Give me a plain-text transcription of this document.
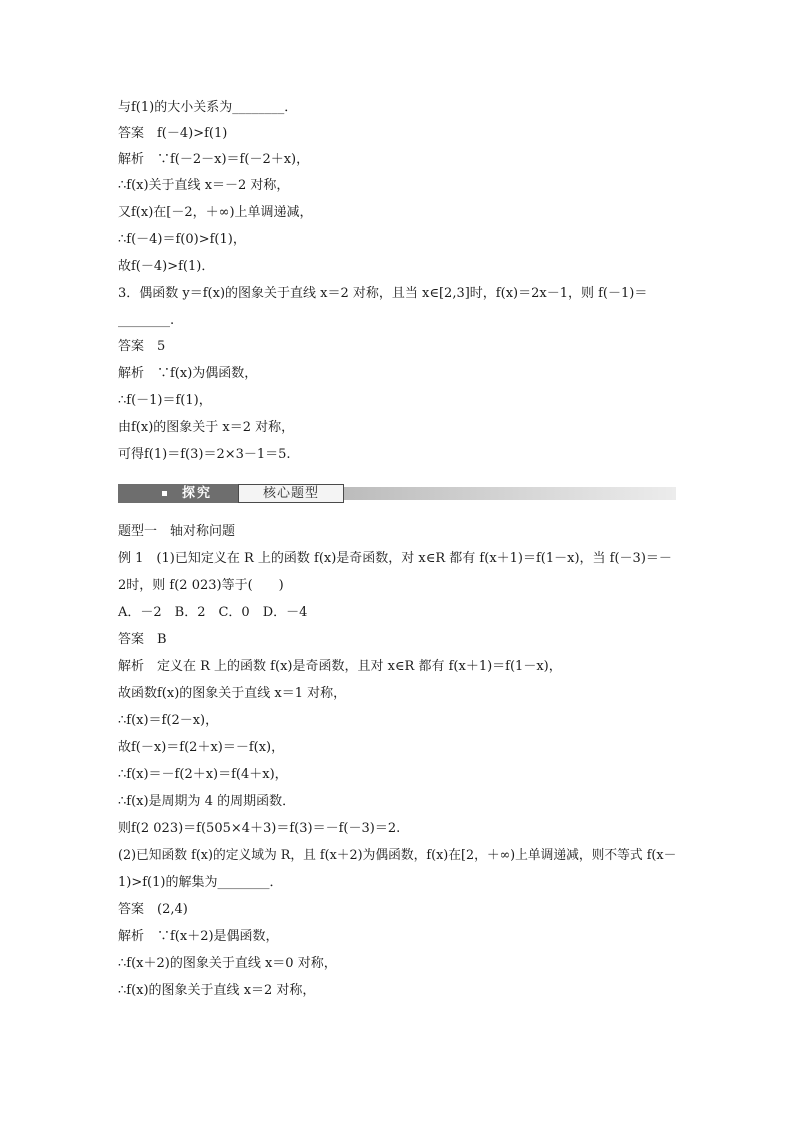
与f(1)的大小关系为________．
答案　f(－4)>f(1)
解析　∵f(－2－x)＝f(－2＋x)，
∴f(x)关于直线 x＝－2 对称，
又f(x)在[－2，＋∞)上单调递减，
∴f(－4)＝f(0)>f(1)，
故f(－4)>f(1)．
3．偶函数 y＝f(x)的图象关于直线 x＝2 对称，且当 x∈[2,3]时，f(x)＝2x－1，则 f(－1)＝
________.
答案　5
解析　∵f(x)为偶函数，
∴f(－1)＝f(1)，
由f(x)的图象关于 x＝2 对称，
可得f(1)＝f(3)＝2×3－1＝5.
探究	核心题型
题型一　轴对称问题
例 1　(1)已知定义在 R 上的函数 f(x)是奇函数，对 x∈R 都有 f(x＋1)＝f(1－x)，当 f(－3)＝－
2时，则 f(2 023)等于(　　)
A．－2　B．2　C．0　D．－4
答案　B
解析　定义在 R 上的函数 f(x)是奇函数，且对 x∈R 都有 f(x＋1)＝f(1－x)，
故函数f(x)的图象关于直线 x＝1 对称，
∴f(x)＝f(2－x)，
故f(－x)＝f(2＋x)＝－f(x)，
∴f(x)＝－f(2＋x)＝f(4＋x)，
∴f(x)是周期为 4 的周期函数．
则f(2 023)＝f(505×4＋3)＝f(3)＝－f(－3)＝2.
(2)已知函数 f(x)的定义域为 R，且 f(x＋2)为偶函数，f(x)在[2，＋∞)上单调递减，则不等式 f(x－
1)>f(1)的解集为________．
答案　(2,4)
解析　∵f(x＋2)是偶函数，
∴f(x＋2)的图象关于直线 x＝0 对称，
∴f(x)的图象关于直线 x＝2 对称，
